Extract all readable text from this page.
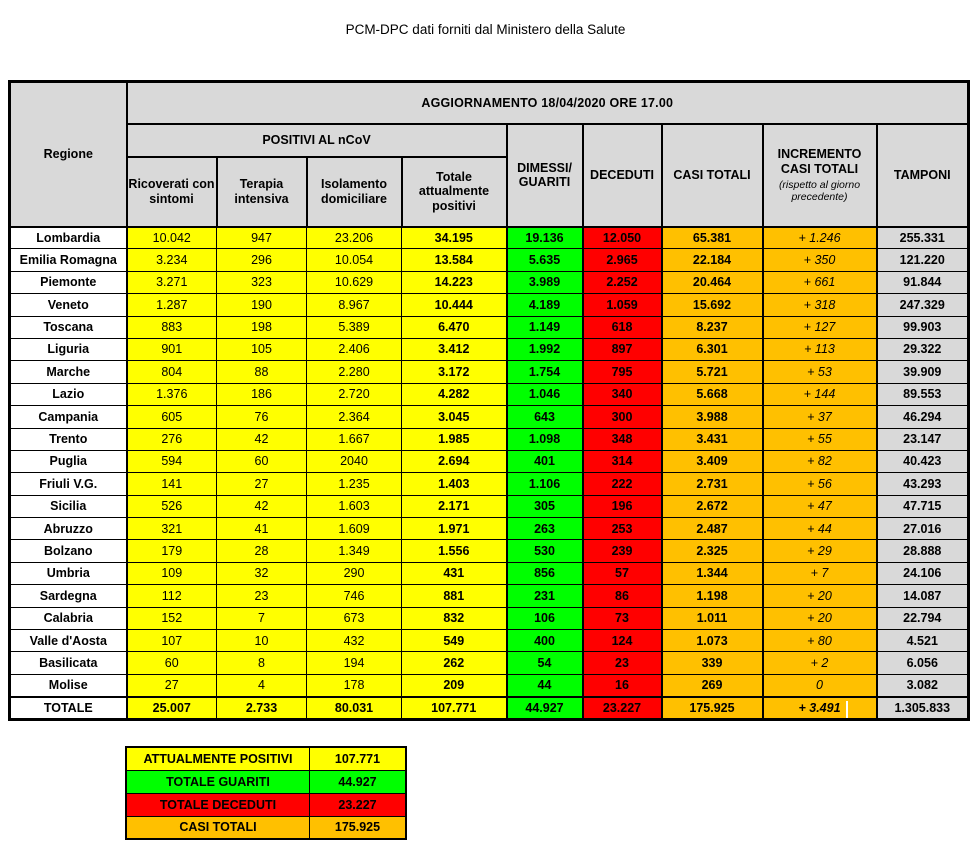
PCM-DPC dati forniti dal Ministero della Salute
Regione	AGGIORNAMENTO 18/04/2020 ORE 17.00								
	POSITIVI AL nCoV				DIMESSI/ GUARITI	DECEDUTI	CASI TOTALI	INCREMENTO CASI TOTALI
(rispetto al giorno precedente)	TAMPONI
	Ricoverati con sintomi	Terapia intensiva	Isolamento domiciliare	Totale attualmente positivi					
Lombardia	10.042	947	23.206	34.195	19.136	12.050	65.381	+ 1.246	255.331
Emilia Romagna	3.234	296	10.054	13.584	5.635	2.965	22.184	+ 350	121.220
Piemonte	3.271	323	10.629	14.223	3.989	2.252	20.464	+ 661	91.844
Veneto	1.287	190	8.967	10.444	4.189	1.059	15.692	+ 318	247.329
Toscana	883	198	5.389	6.470	1.149	618	8.237	+ 127	99.903
Liguria	901	105	2.406	3.412	1.992	897	6.301	+ 113	29.322
Marche	804	88	2.280	3.172	1.754	795	5.721	+ 53	39.909
Lazio	1.376	186	2.720	4.282	1.046	340	5.668	+ 144	89.553
Campania	605	76	2.364	3.045	643	300	3.988	+ 37	46.294
Trento	276	42	1.667	1.985	1.098	348	3.431	+ 55	23.147
Puglia	594	60	2040	2.694	401	314	3.409	+ 82	40.423
Friuli V.G.	141	27	1.235	1.403	1.106	222	2.731	+ 56	43.293
Sicilia	526	42	1.603	2.171	305	196	2.672	+ 47	47.715
Abruzzo	321	41	1.609	1.971	263	253	2.487	+ 44	27.016
Bolzano	179	28	1.349	1.556	530	239	2.325	+ 29	28.888
Umbria	109	32	290	431	856	57	1.344	+ 7	24.106
Sardegna	112	23	746	881	231	86	1.198	+ 20	14.087
Calabria	152	7	673	832	106	73	1.011	+ 20	22.794
Valle d'Aosta	107	10	432	549	400	124	1.073	+ 80	4.521
Basilicata	60	8	194	262	54	23	339	+ 2	6.056
Molise	27	4	178	209	44	16	269	0	3.082
TOTALE	25.007	2.733	80.031	107.771	44.927	23.227	175.925	+ 3.491	1.305.833
ATTUALMENTE POSITIVI	107.771
TOTALE GUARITI	44.927
TOTALE DECEDUTI	23.227
CASI TOTALI	175.925
